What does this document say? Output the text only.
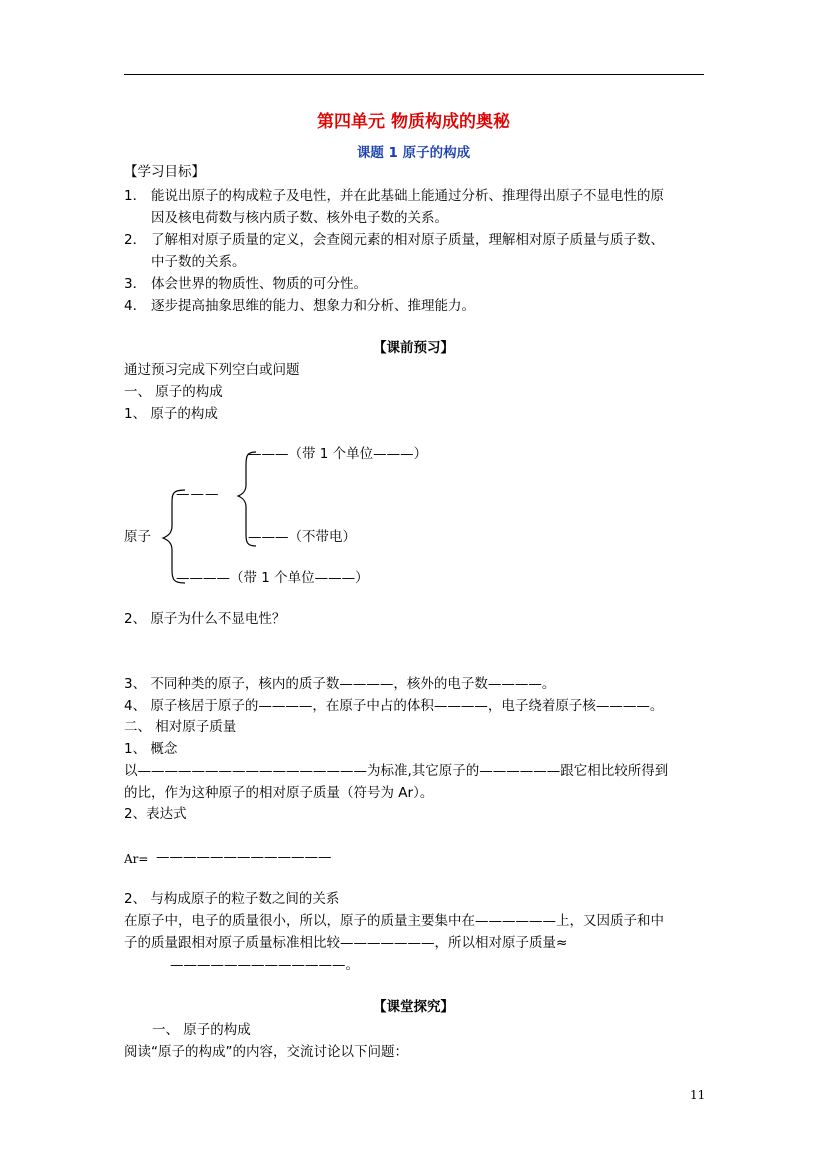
第四单元 物质构成的奥秘
课题 1 原子的构成
【学习目标】
1． 能说出原子的构成粒子及电性，并在此基础上能通过分析、推理得出原子不显电性的原
因及核电荷数与核内质子数、核外电子数的关系。
2． 了解相对原子质量的定义，会查阅元素的相对原子质量，理解相对原子质量与质子数、
中子数的关系。
3． 体会世界的物质性、物质的可分性。
4． 逐步提高抽象思维的能力、想象力和分析、推理能力。
【课前预习】
通过预习完成下列空白或问题
一、 原子的构成
1、 原子的构成
原子
———
———（带 1 个单位———）
———（不带电）
————（带 1 个单位———）
2、 原子为什么不显电性？
3、 不同种类的原子，核内的质子数————，核外的电子数————。
4、 原子核居于原子的————，在原子中占的体积————，电子绕着原子核————。
二、 相对原子质量
1、 概念
以—————————————————为标准,其它原子的——————跟它相比较所得到
的比，作为这种原子的相对原子质量（符号为 Ar）。
2、表达式
Ar= —————————————
2、 与构成原子的粒子数之间的关系
在原子中，电子的质量很小，所以，原子的质量主要集中在——————上，又因质子和中
子的质量跟相对原子质量标准相比较———————，所以相对原子质量≈
—————————————。
【课堂探究】
一、 原子的构成
阅读“原子的构成”的内容，交流讨论以下问题：
11
